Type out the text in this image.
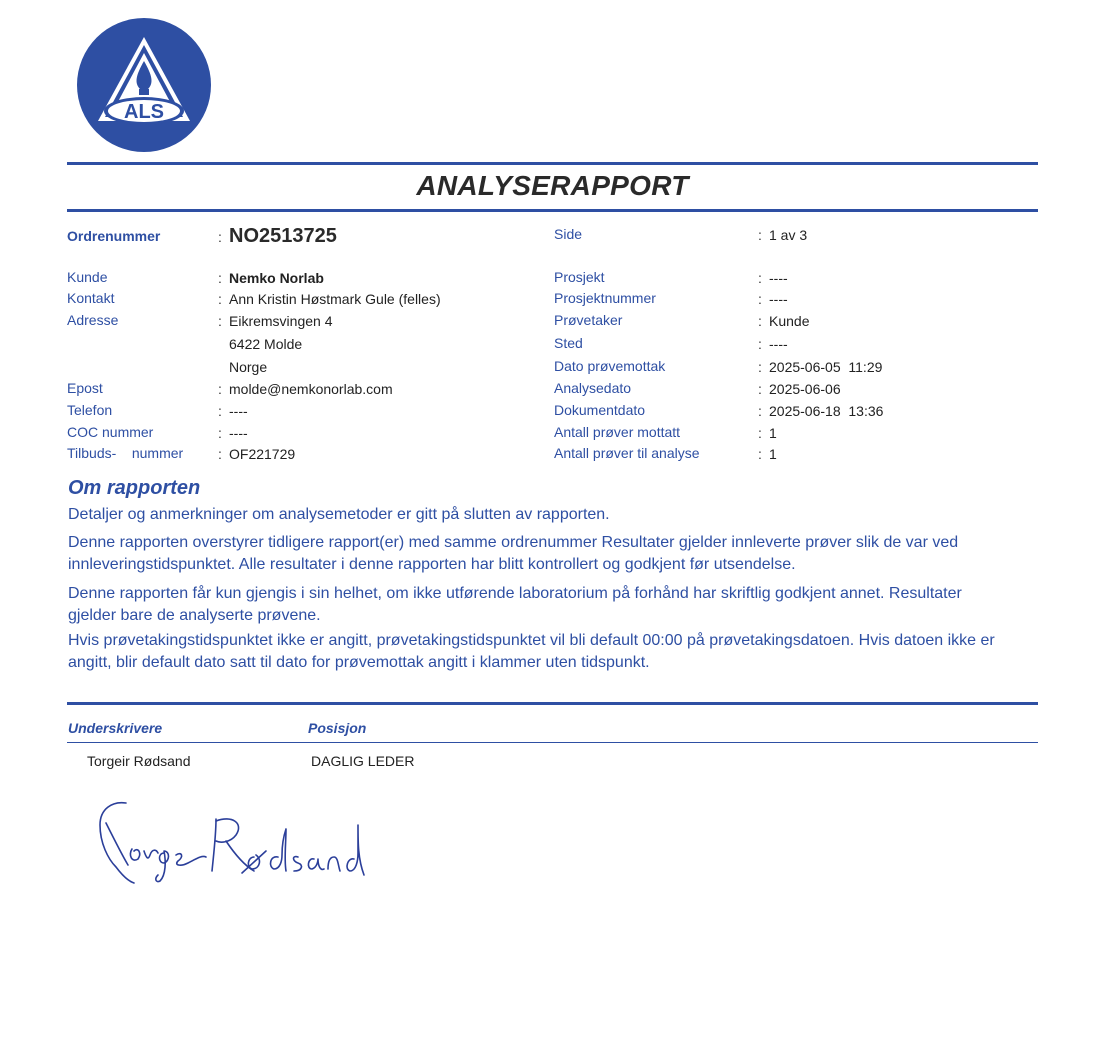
ALS
ANALYSERAPPORT
Ordrenummer	: NO2513725
Kunde	: Nemko Norlab
Kontakt	: Ann Kristin Høstmark Gule (felles)
Adresse	: Eikremsvingen 4
6422 Molde
Norge
Epost	: molde@nemkonorlab.com
Telefon	: ----
COC nummer	: ----
Tilbuds-    nummer : OF221729
Side	: 1 av 3
Prosjekt	: ----
Prosjektnummer	: ----
Prøvetaker	: Kunde
Sted	: ----
Dato prøvemottak	: 2025-06-05  11:29
Analysedato	: 2025-06-06
Dokumentdato	: 2025-06-18  13:36
Antall prøver mottatt	: 1
Antall prøver til analyse	: 1
Om rapporten
Detaljer og anmerkninger om analysemetoder er gitt på slutten av rapporten.
Denne rapporten overstyrer tidligere rapport(er) med samme ordrenummer Resultater gjelder innleverte prøver slik de var ved innleveringstidspunktet. Alle resultater i denne rapporten har blitt kontrollert og godkjent før utsendelse.
Denne rapporten får kun gjengis i sin helhet, om ikke utførende laboratorium på forhånd har skriftlig godkjent annet. Resultater gjelder bare de analyserte prøvene.
Hvis prøvetakingstidspunktet ikke er angitt, prøvetakingstidspunktet vil bli default 00:00 på prøvetakingsdatoen. Hvis datoen ikke er angitt, blir default dato satt til dato for prøvemottak angitt i klammer uten tidspunkt.
Underskrivere	Posisjon
Torgeir Rødsand	DAGLIG LEDER
